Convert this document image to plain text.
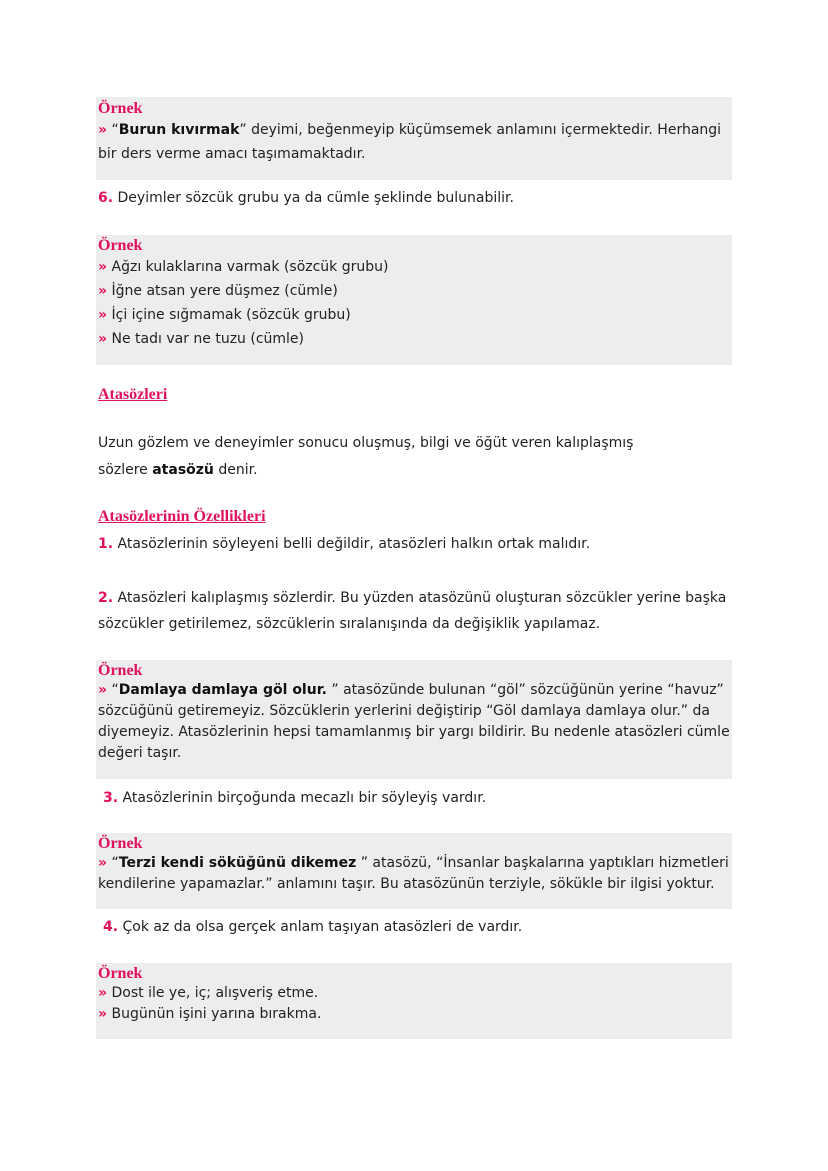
Örnek
» “Burun kıvırmak” deyimi, beğenmeyip küçümsemek anlamını içermektedir. Herhangi
bir ders verme amacı taşımamaktadır.
6. Deyimler sözcük grubu ya da cümle şeklinde bulunabilir.
Örnek
» Ağzı kulaklarına varmak (sözcük grubu)
» İğne atsan yere düşmez (cümle)
» İçi içine sığmamak (sözcük grubu)
» Ne tadı var ne tuzu (cümle)
Atasözleri
Uzun gözlem ve deneyimler sonucu oluşmuş, bilgi ve öğüt veren kalıplaşmış
sözlere atasözü denir.
Atasözlerinin Özellikleri
1. Atasözlerinin söyleyeni belli değildir, atasözleri halkın ortak malıdır.
2. Atasözleri kalıplaşmış sözlerdir. Bu yüzden atasözünü oluşturan sözcükler yerine başka
sözcükler getirilemez, sözcüklerin sıralanışında da değişiklik yapılamaz.
Örnek
» “Damlaya damlaya göl olur. ” atasözünde bulunan “göl” sözcüğünün yerine “havuz”
sözcüğünü getiremeyiz. Sözcüklerin yerlerini değiştirip “Göl damlaya damlaya olur.” da
diyemeyiz. Atasözlerinin hepsi tamamlanmış bir yargı bildirir. Bu nedenle atasözleri cümle
değeri taşır.
3. Atasözlerinin birçoğunda mecazlı bir söyleyiş vardır.
Örnek
» “Terzi kendi söküğünü dikemez ” atasözü, “İnsanlar başkalarına yaptıkları hizmetleri
kendilerine yapamazlar.” anlamını taşır. Bu atasözünün terziyle, sökükle bir ilgisi yoktur.
4. Çok az da olsa gerçek anlam taşıyan atasözleri de vardır.
Örnek
» Dost ile ye, iç; alışveriş etme.
» Bugünün işini yarına bırakma.
